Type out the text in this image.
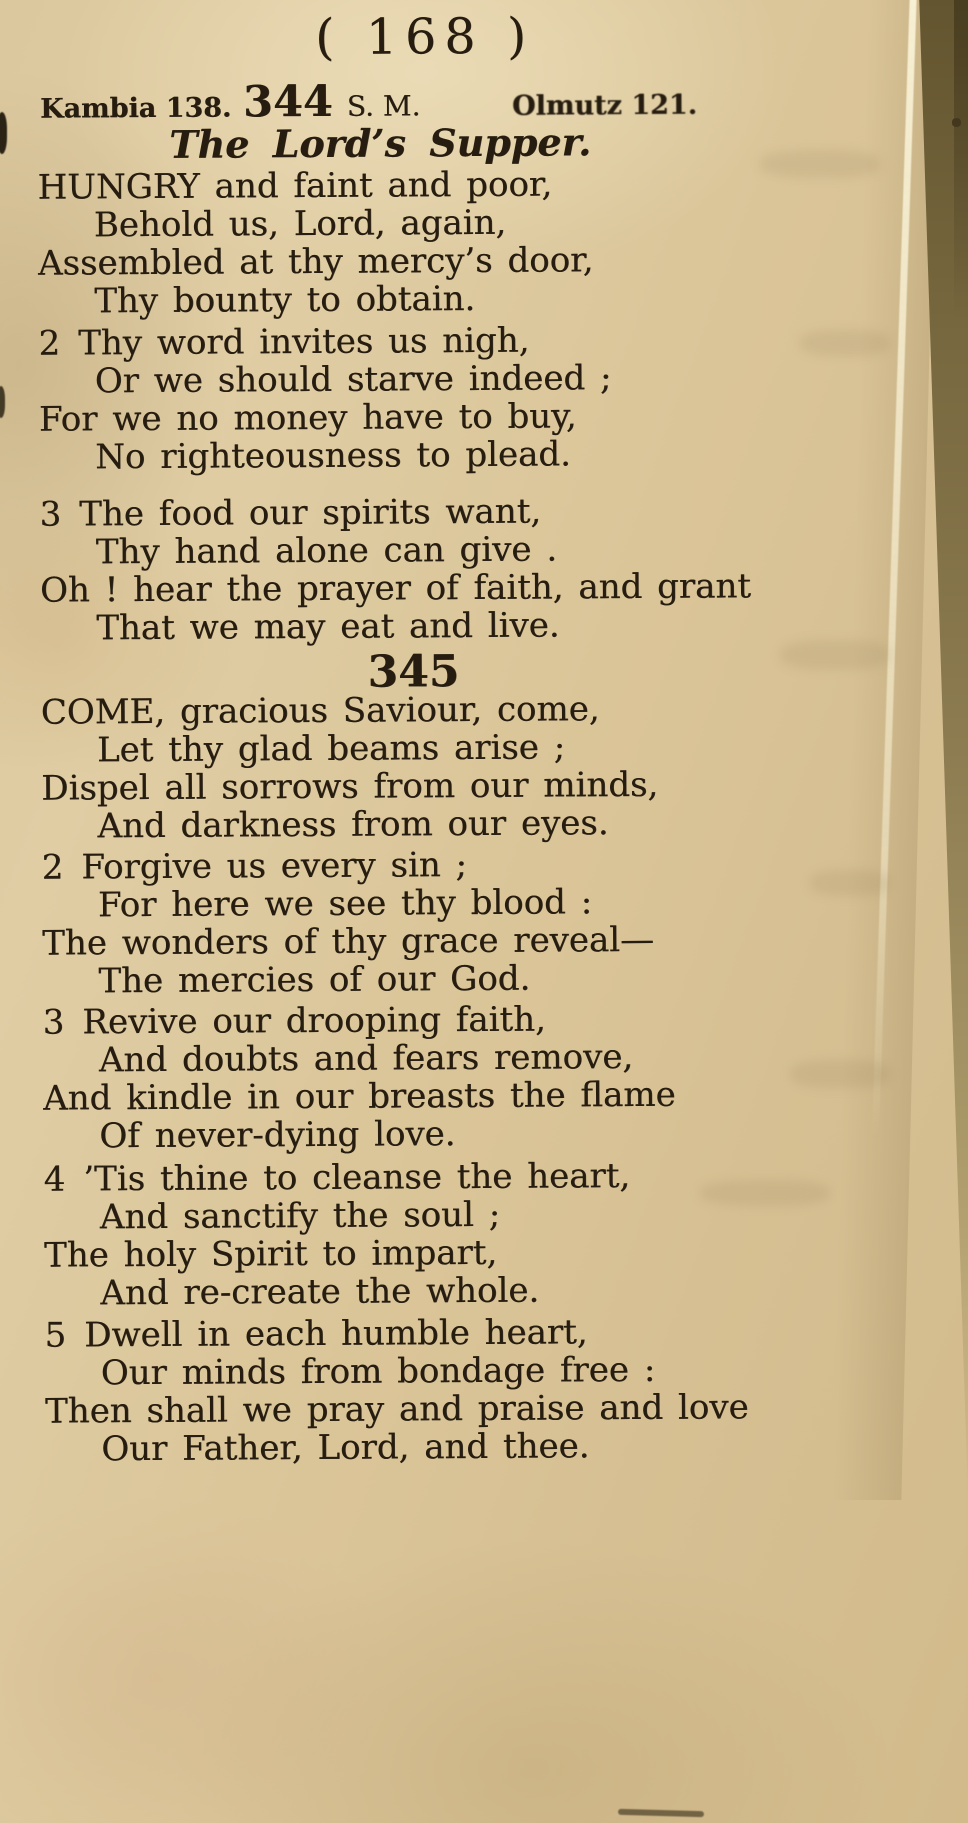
( 168 )
Kambia 138. 344 S. M.	Olmutz 121.
The Lord’s Supper.
HUNGRY and faint and poor,
Behold us, Lord, again,
Assembled at thy mercy’s door,
Thy bounty to obtain.
2 Thy word invites us nigh,
Or we should starve indeed ;
For we no money have to buy,
No righteousness to plead.
3 The food our spirits want,
Thy hand alone can give .
Oh ! hear the prayer of faith, and grant
That we may eat and live.
345
COME, gracious Saviour, come,
Let thy glad beams arise ;
Dispel all sorrows from our minds,
And darkness from our eyes.
2 Forgive us every sin ;
For here we see thy blood :
The wonders of thy grace reveal—
The mercies of our God.
3 Revive our drooping faith,
And doubts and fears remove,
And kindle in our breasts the flame
Of never-dying love.
4 ’Tis thine to cleanse the heart,
And sanctify the soul ;
The holy Spirit to impart,
And re-create the whole.
5 Dwell in each humble heart,
Our minds from bondage free :
Then shall we pray and praise and love
Our Father, Lord, and thee.
